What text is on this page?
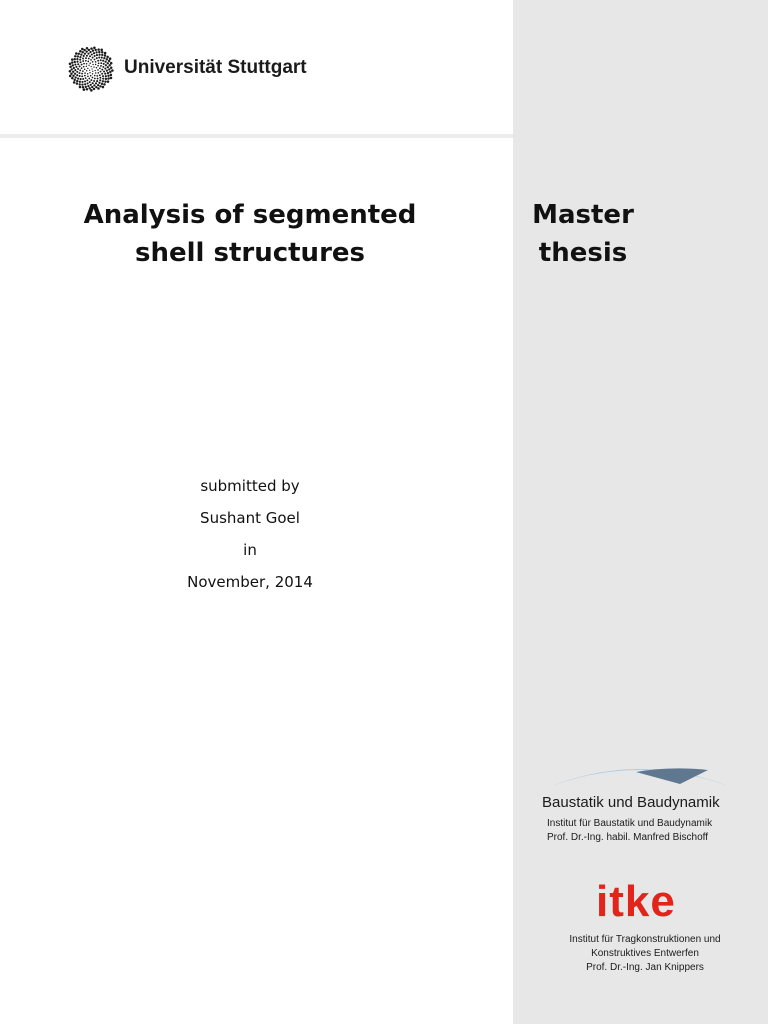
Universität Stuttgart
Analysis of segmented
shell structures
Master
thesis
submitted by
Sushant Goel
in
November, 2014
Baustatik und Baudynamik
Institut für Baustatik und Baudynamik
Prof. Dr.-Ing. habil. Manfred Bischoff
itke
Institut für Tragkonstruktionen und
Konstruktives Entwerfen
Prof. Dr.-Ing. Jan Knippers
